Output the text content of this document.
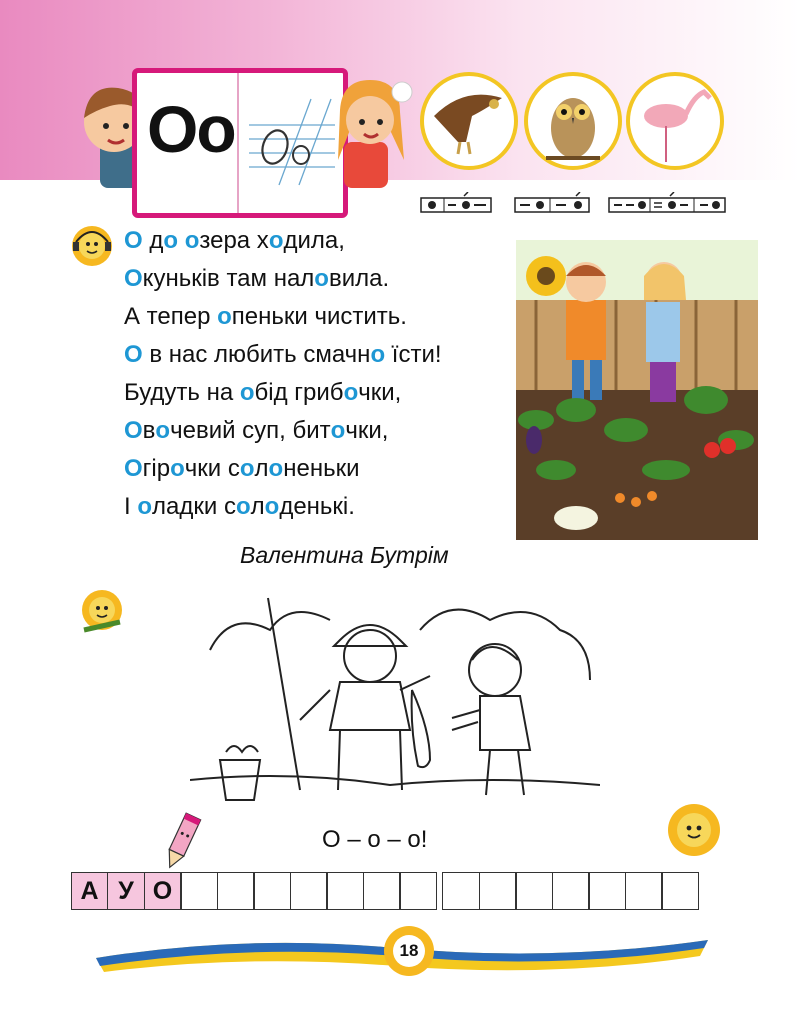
Оо
О до озера ходила,
Окуньків там наловила.
А тепер опеньки чистить.
О в нас любить смачно їсти!
Будуть на обід грибочки,
Овочевий суп, биточки,
Огірочки солоненьки
І оладки солоденькі.
Валентина Бутрім
О – о – о!
А У О
18
